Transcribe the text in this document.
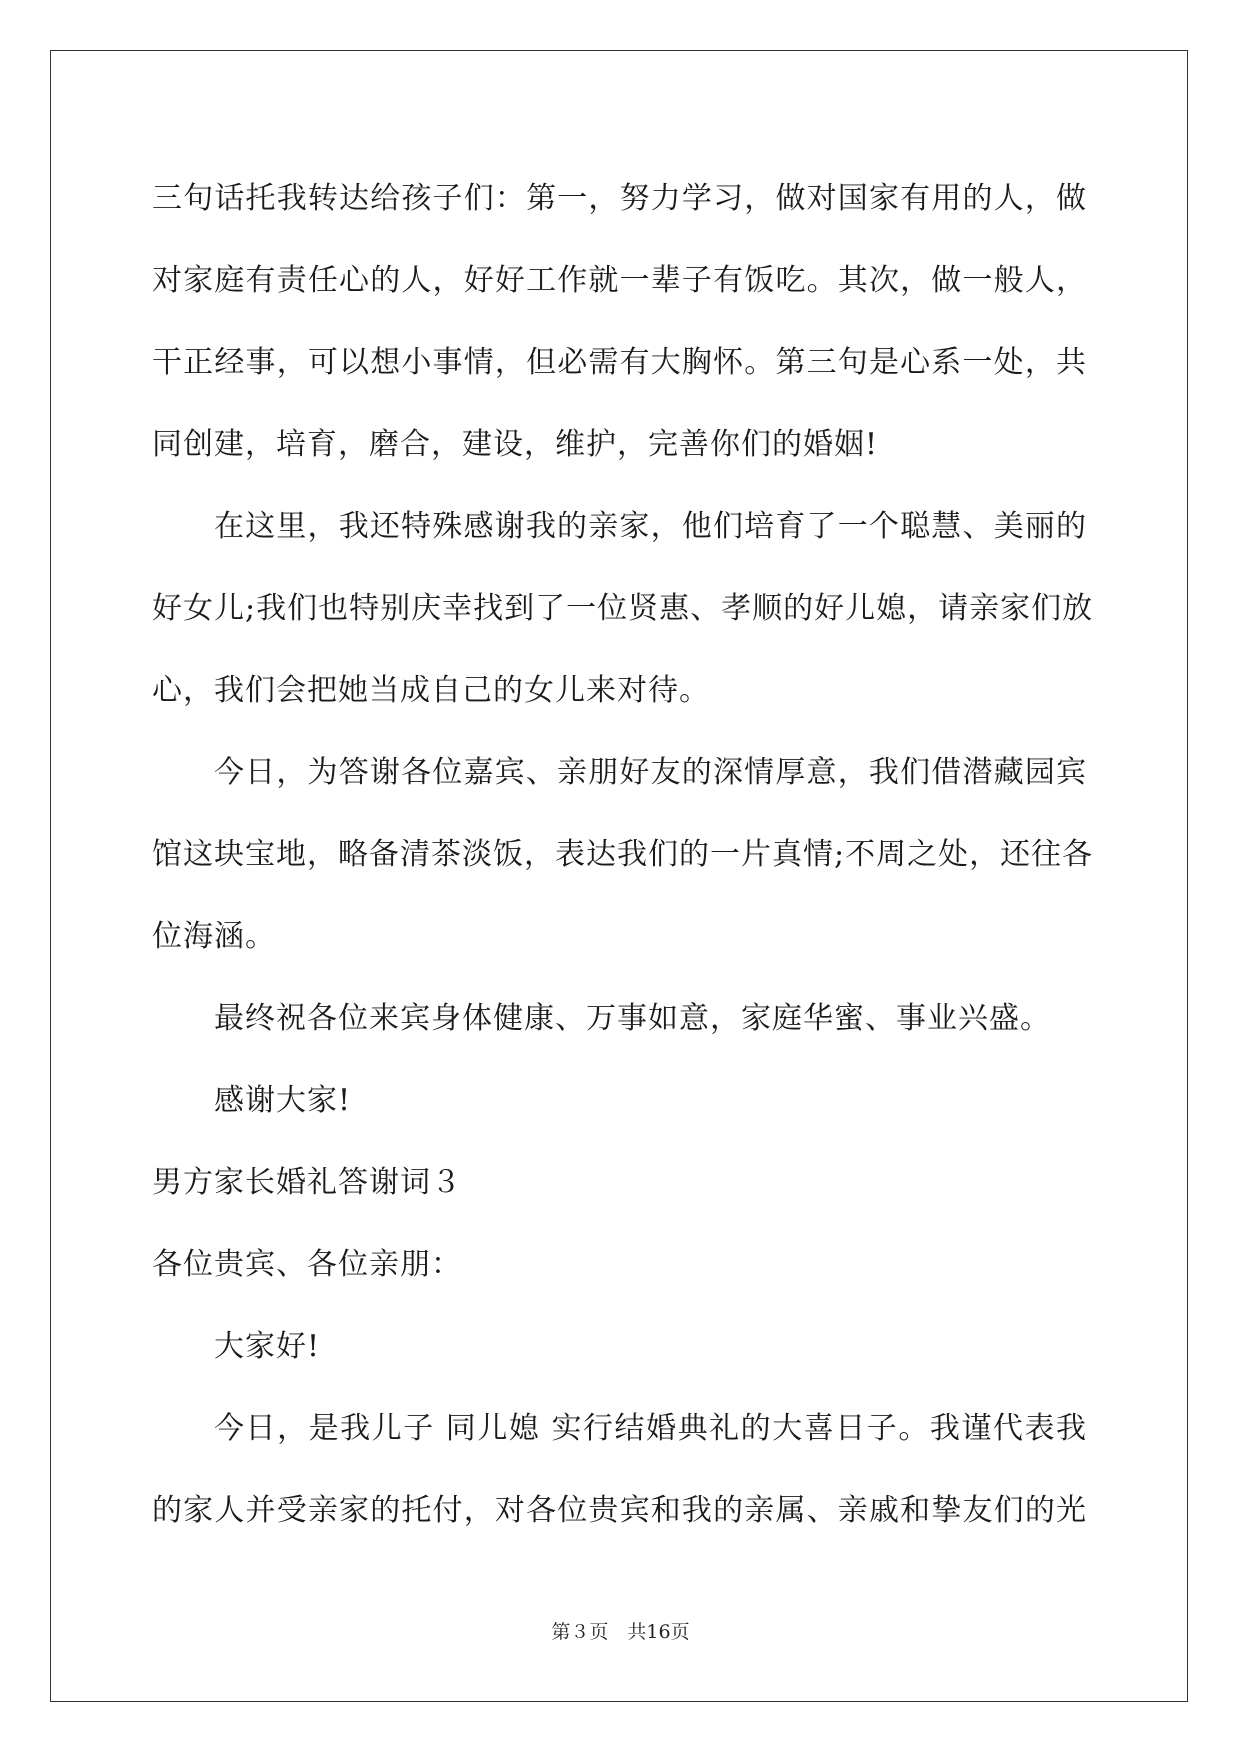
三句话托我转达给孩子们：第一，努力学习，做对国家有用的人，做
对家庭有责任心的人，好好工作就一辈子有饭吃。其次，做一般人，
干正经事，可以想小事情，但必需有大胸怀。第三句是心系一处，共
同创建，培育，磨合，建设，维护，完善你们的婚姻!
在这里，我还特殊感谢我的亲家，他们培育了一个聪慧、美丽的
好女儿;我们也特别庆幸找到了一位贤惠、孝顺的好儿媳，请亲家们放
心，我们会把她当成自己的女儿来对待。
今日，为答谢各位嘉宾、亲朋好友的深情厚意，我们借潜藏园宾
馆这块宝地，略备清茶淡饭，表达我们的一片真情;不周之处，还往各
位海涵。
最终祝各位来宾身体健康、万事如意，家庭华蜜、事业兴盛。
感谢大家!
男方家长婚礼答谢词３
各位贵宾、各位亲朋：
大家好!
今日，是我儿子 同儿媳 实行结婚典礼的大喜日子。我谨代表我
的家人并受亲家的托付，对各位贵宾和我的亲属、亲戚和挚友们的光
第３页　共16页
